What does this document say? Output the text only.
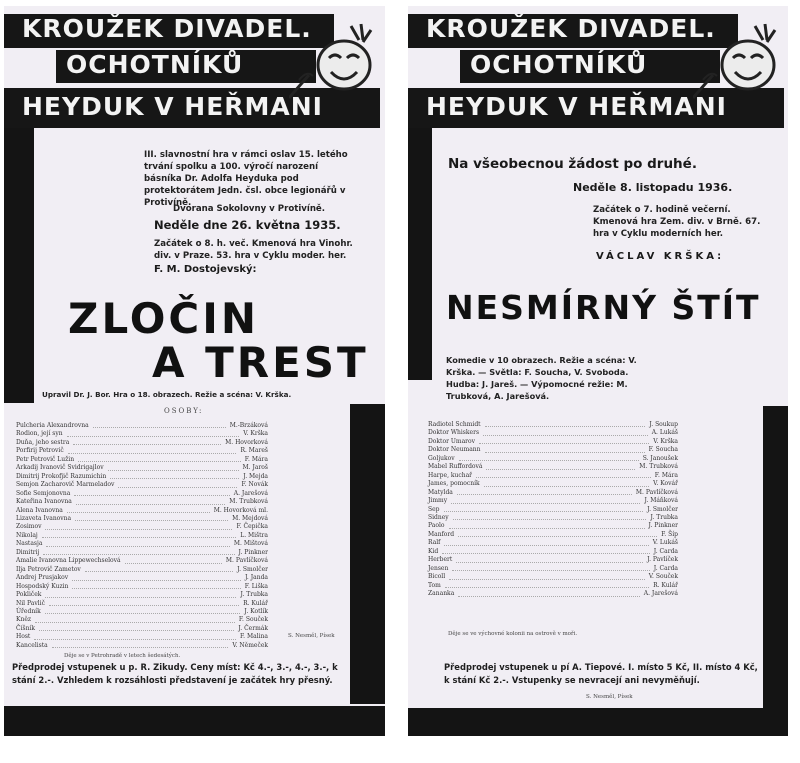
KROUŽEK DIVADEL.
OCHOTNÍKŮ
HEYDUK V HEŘMANI
III. slavnostní hra v rámci oslav 15. letého trvání spolku a 100. výročí narození básníka Dr. Adolfa Heyduka pod protektorátem Jedn. čsl. obce legionářů v Protivíně.
Dvorana Sokolovny v Protivíně.
Neděle dne 26. května 1935.
Začátek o 8. h. več. Kmenová hra Vinohr. div. v Praze. 53. hra v Cyklu moder. her.
F. M. Dostojevský:
ZLOČIN
A TREST
Upravil Dr. J. Bor. Hra o 18. obrazech. Režie a scéna: V. Krška.
OSOBY:
Pulcheria Alexandrovna	M.-Brzáková
Rodion, její syn	V. Krška
Duňa, jeho sestra	M. Hovorková
Porfirij Petrovič	R. Mareš
Petr Petrovič Lužin	F. Mára
Arkadij Ivanovič Svidrigajlov	M. Jaroš
Dimitrij Prokofjič Razumichin	J. Mejda
Semjon Zacharovič Marmeladov	F. Novák
Sofie Semjonovna	A. Jarešová
Kateřina Ivanovna	M. Trubková
Alena Ivanovna	M. Hovorková ml.
Lizaveta Ivanovna	M. Mejdová
Zosimov	F. Čepička
Nikolaj	L. Mištra
Nastasja	M. Mištová
Dimitrij	J. Pinkner
Amalie Ivanovna Lippewechselová	M. Pavlíčková
Ilja Petrovič Zametov	J. Smolčer
Andrej Prusjakov	J. Janda
Hospodský Kuzin	F. Liška
Pokliček	J. Trubka
Nil Pavlič	R. Kulář
Úředník	J. Kotlík
Kněz	F. Souček
Číšník	J. Čermák
Host	F. Malina
Kancelista	V. Němeček
Děje se v Petrohradě v letech šedesátých.
S. Nesměl, Písek
Předprodej vstupenek u p. R. Zikudy. Ceny míst: Kč 4.-, 3.-, 4.-, 3.-, k stání 2.-. Vzhledem k rozsáhlosti představení je začátek hry přesný.
KROUŽEK DIVADEL.
OCHOTNÍKŮ
HEYDUK V HEŘMANI
Na všeobecnou žádost po druhé.
Neděle 8. listopadu 1936.
Začátek o 7. hodině večerní. Kmenová hra Zem. div. v Brně. 67. hra v Cyklu moderních her.
VÁCLAV KRŠKA:
NESMÍRNÝ ŠTÍT
Komedie v 10 obrazech. Režie a scéna: V. Krška. — Světla: F. Soucha, V. Svoboda. Hudba: J. Jareš. — Výpomocné režie: M. Trubková, A. Jarešová.
Radiotel Schmidt	J. Soukup
Doktor Whiskers	A. Lukáš
Doktor Umarov	V. Krška
Doktor Neumann	F. Soucha
Goljukov	S. Janoušek
Mabel Ruffordová	M. Trubková
Harpe, kuchař	F. Mára
James, pomocník	V. Kovář
Matylda	M. Pavlíčková
Jimmy	J. Máňková
Sep	J. Smolčer
Sidney	J. Trubka
Paolo	J. Pinkner
Manford	F. Šíp
Ralf	V. Lukáš
Kid	J. Carda
Herbert	J. Pavlíček
Jensen	J. Carda
Bicoll	V. Souček
Tom	R. Kulář
Zananka	A. Jarešová
Děje se ve výchovné kolonii na ostrově v moři.
Předprodej vstupenek u pí A. Tiepové. I. místo 5 Kč, II. místo 4 Kč, k stání Kč 2.-. Vstupenky se nevracejí ani nevyměňují.
S. Nesměl, Písek
